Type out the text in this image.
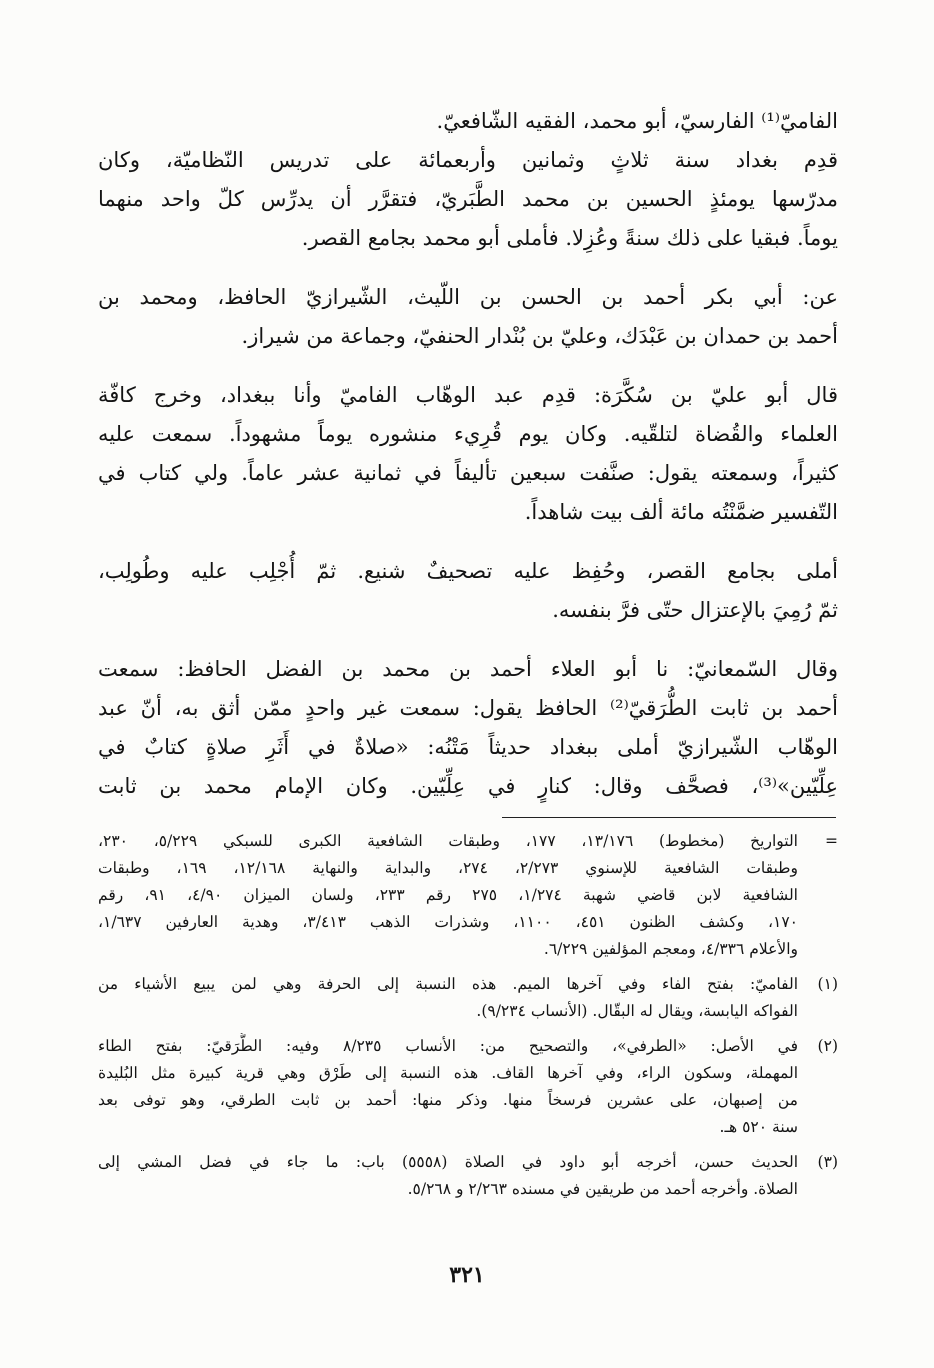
الفاميّ⁽¹⁾ الفارسيّ، أبو محمد، الفقيه الشّافعيّ.
قدِم بغداد سنة ثلاثٍ وثمانين وأربعمائة على تدريس النّظاميّة، وكان
مدرّسها يومئذٍ الحسين بن محمد الطَّبَريّ، فتقرَّر أن يدرِّس كلّ واحد منهما
يوماً. فبقيا على ذلك سنةً وعُزِلا. فأملى أبو محمد بجامع القصر.

عن: أبي بكر أحمد بن الحسن بن اللّيث، الشّيرازيّ الحافظ، ومحمد بن
أحمد بن حمدان بن عَبْدَك، وعليّ بن بُنْدار الحنفيّ، وجماعة من شيراز.

قال أبو عليّ بن سُكَّرَة: قدِم عبد الوهّاب الفاميّ وأنا ببغداد، وخرج كافّة
العلماء والقُضاة لتلقّيه. وكان يوم قُرِيء منشوره يوماً مشهوداً. سمعت عليه
كثيراً، وسمعته يقول: صنَّفت سبعين تأليفاً في ثمانية عشر عاماً. ولي كتاب في
التّفسير ضمَّنْتُه مائة ألف بيت شاهداً.

أملى بجامع القصر، وحُفِظ عليه تصحيفٌ شنيع. ثمّ أُجْلِب عليه وطُولِب،
ثمّ رُمِيَ بالإعتزال حتّى فرَّ بنفسه.

وقال السّمعانيّ: نا أبو العلاء أحمد بن محمد بن الفضل الحافظ: سمعت
أحمد بن ثابت الطُّرَقيّ⁽²⁾ الحافظ يقول: سمعت غير واحدٍ ممّن أثق به، أنّ عبد
الوهّاب الشّيرازيّ أملى ببغداد حديثاً مَتْنُه: «صلاةٌ في أَثَرِ صلاةٍ كتابٌ في
عِلِّيّين»⁽³⁾، فصحَّف وقال: كنارٍ في عِلِّيّين. وكان الإمام محمد بن ثابت

=
التواريخ (مخطوط) ١٣/١٧٦، ١٧٧، وطبقات الشافعية الكبرى للسبكي ٥/٢٢٩، ٢٣٠،
وطبقات الشافعية للإسنوي ٢/٢٧٣، ٢٧٤، والبداية والنهاية ١٢/١٦٨، ١٦٩، وطبقات
الشافعية لابن قاضي شهبة ١/٢٧٤، ٢٧٥ رقم ٢٣٣، ولسان الميزان ٤/٩٠، ٩١، رقم
١٧٠، وكشف الظنون ٤٥١، ١١٠٠، وشذرات الذهب ٣/٤١٣، وهدية العارفين ١/٦٣٧،
والأعلام ٤/٣٣٦، ومعجم المؤلفين ٦/٢٢٩.
(١)
الفاميّ: بفتح الفاء وفي آخرها الميم. هذه النسبة إلى الحرفة وهي لمن يبيع الأشياء من
الفواكه اليابسة، ويقال له البقّال. (الأنساب ٩/٢٣٤).
(٢)
في الأصل: «الطرفي»، والتصحيح من: الأنساب ٨/٢٣٥ وفيه: الطُّرَقيّ: بفتح الطاء
المهملة، وسكون الراء، وفي آخرها القاف. هذه النسبة إلى طَرْق وهي قرية كبيرة مثل البُليدة
من إصبهان، على عشرين فرسخاً منها. وذكر منها: أحمد بن ثابت الطرقي، وهو توفى بعد
سنة ٥٢٠ هـ.
(٣)
الحديث حسن، أخرجه أبو داود في الصلاة (٥٥٥٨) باب: ما جاء في فضل المشي إلى
الصلاة. وأخرجه أحمد من طريقين في مسنده ٢/٢٦٣ و ٥/٢٦٨.
٣٢١
